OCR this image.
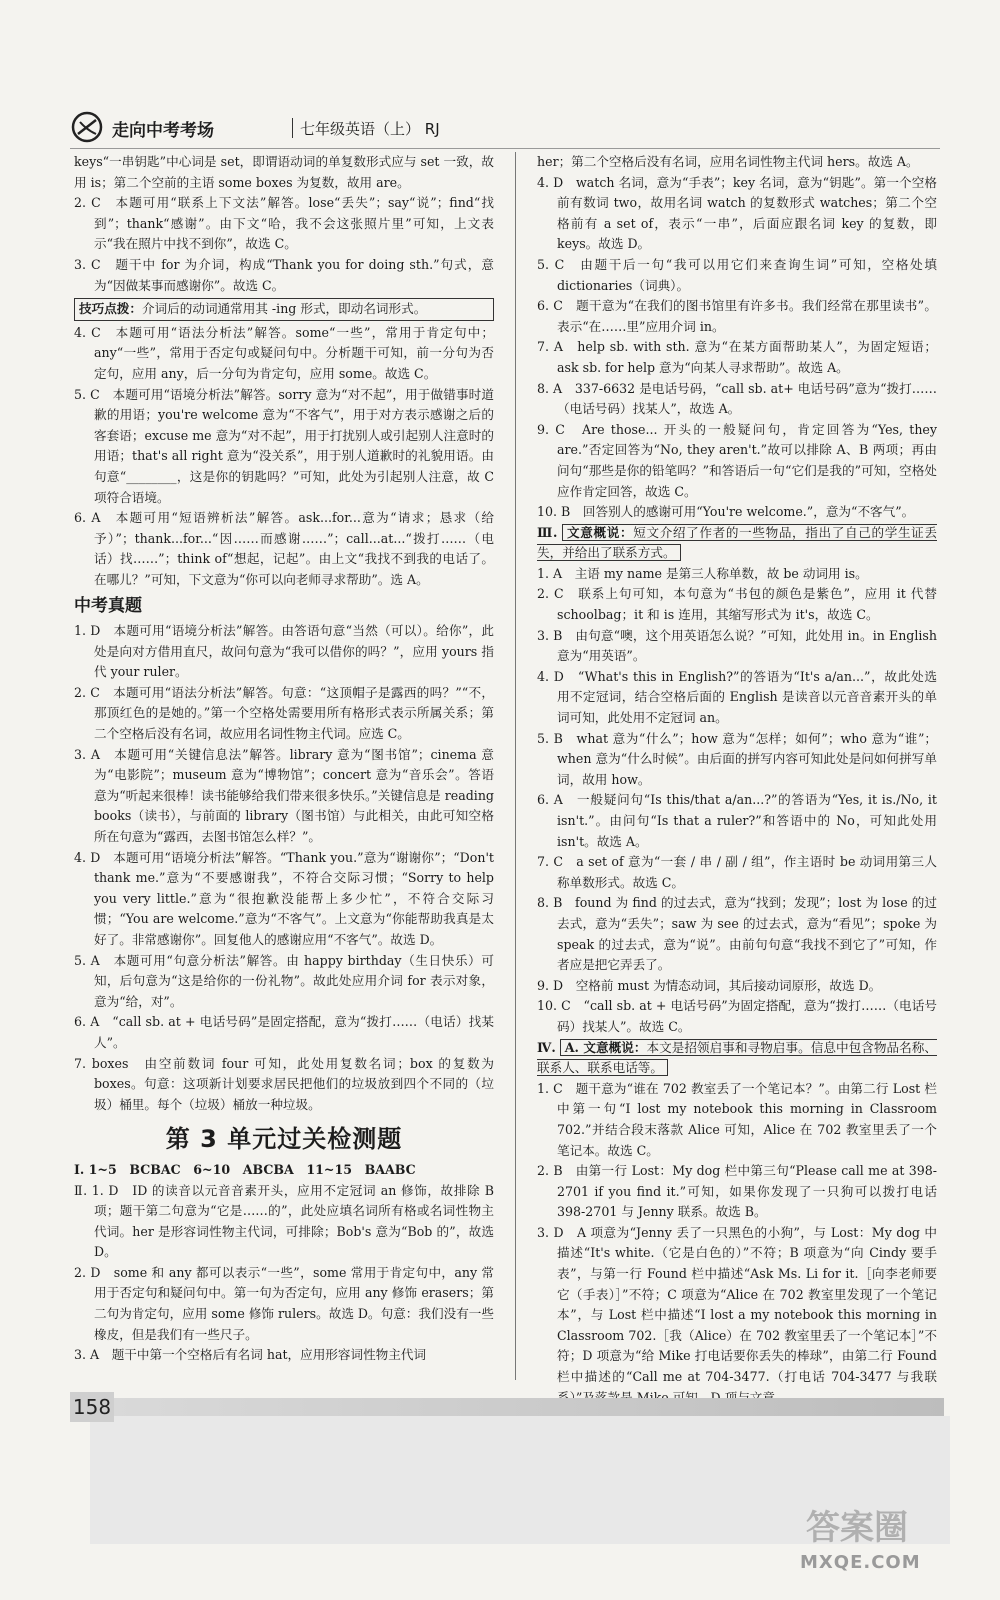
走向中考考场	七年级英语（上） RJ

keys“一串钥匙”中心词是 set，即谓语动词的单复数形式应与 set 一致，故用 is；第二个空前的主语 some boxes 为复数，故用 are。

2. C　本题可用“联系上下文法”解答。lose“丢失”；say“说”；find“找到”；thank“感谢”。由下文“哈，我不会这张照片里”可知，上文表示“我在照片中找不到你”，故选 C。

3. C　题干中 for 为介词，构成“Thank you for doing sth.”句式，意为“因做某事而感谢你”。故选 C。

技巧点拨：介词后的动词通常用其 -ing 形式，即动名词形式。

4. C　本题可用“语法分析法”解答。some“一些”，常用于肯定句中；any“一些”，常用于否定句或疑问句中。分析题干可知，前一分句为否定句，应用 any，后一分句为肯定句，应用 some。故选 C。

5. C　本题可用“语境分析法”解答。sorry 意为“对不起”，用于做错事时道歉的用语；you're welcome 意为“不客气”，用于对方表示感谢之后的客套语；excuse me 意为“对不起”，用于打扰别人或引起别人注意时的用语；that's all right 意为“没关系”，用于别人道歉时的礼貌用语。由句意“________，这是你的钥匙吗？”可知，此处为引起别人注意，故 C 项符合语境。

6. A　本题可用“短语辨析法”解答。ask...for...意为“请求；恳求（给予）”；thank...for...“因……而感谢……”；call...at...“拨打……（电话）找……”；think of“想起，记起”。由上文“我找不到我的电话了。在哪儿？”可知，下文意为“你可以向老师寻求帮助”。选 A。

中考真题

1. D　本题可用“语境分析法”解答。由答语句意“当然（可以）。给你”，此处是向对方借用直尺，故问句意为“我可以借你的吗？”，应用 yours 指代 your ruler。

2. C　本题可用“语法分析法”解答。句意：“这顶帽子是露西的吗？”“不，那顶红色的是她的。”第一个空格处需要用所有格形式表示所属关系；第二个空格后没有名词，故应用名词性物主代词。应选 C。

3. A　本题可用“关键信息法”解答。library 意为“图书馆”；cinema 意为“电影院”；museum 意为“博物馆”；concert 意为“音乐会”。答语意为“听起来很棒！读书能够给我们带来很多快乐。”关键信息是 reading books（读书），与前面的 library（图书馆）与此相关，由此可知空格所在句意为“露西，去图书馆怎么样？”。

4. D　本题可用“语境分析法”解答。“Thank you.”意为“谢谢你”；“Don't thank me.”意为“不要感谢我”，不符合交际习惯；“Sorry to help you very little.”意为“很抱歉没能帮上多少忙”，不符合交际习惯；“You are welcome.”意为“不客气”。上文意为“你能帮助我真是太好了。非常感谢你”。回复他人的感谢应用“不客气”。故选 D。

5. A　本题可用“句意分析法”解答。由 happy birthday（生日快乐）可知，后句意为“这是给你的一份礼物”。故此处应用介词 for 表示对象，意为“给，对”。

6. A　“call sb. at + 电话号码”是固定搭配，意为“拨打……（电话）找某人”。

7. boxes　由空前数词 four 可知，此处用复数名词；box 的复数为 boxes。句意：这项新计划要求居民把他们的垃圾放到四个不同的（垃圾）桶里。每个（垃圾）桶放一种垃圾。

第 3 单元过关检测题

Ⅰ. 1~5　BCBAC　6~10　ABCBA　11~15　BAABC

Ⅱ. 1. D　ID 的读音以元音音素开头，应用不定冠词 an 修饰，故排除 B 项；题干第二句意为“它是……的”，此处应填名词所有格或名词性物主代词。her 是形容词性物主代词，可排除；Bob's 意为“Bob 的”，故选 D。

2. D　some 和 any 都可以表示“一些”，some 常用于肯定句中，any 常用于否定句和疑问句中。第一句为否定句，应用 any 修饰 erasers；第二句为肯定句，应用 some 修饰 rulers。故选 D。句意：我们没有一些橡皮，但是我们有一些尺子。

3. A　题干中第一个空格后有名词 hat，应用形容词性物主代词

her；第二个空格后没有名词，应用名词性物主代词 hers。故选 A。

4. D　watch 名词，意为“手表”；key 名词，意为“钥匙”。第一个空格前有数词 two，故用名词 watch 的复数形式 watches；第二个空格前有 a set of，表示“一串”，后面应跟名词 key 的复数，即 keys。故选 D。

5. C　由题干后一句“我可以用它们来查询生词”可知，空格处填 dictionaries（词典）。

6. C　题干意为“在我们的图书馆里有许多书。我们经常在那里读书”。表示“在……里”应用介词 in。

7. A　help sb. with sth. 意为“在某方面帮助某人”，为固定短语；ask sb. for help 意为“向某人寻求帮助”。故选 A。

8. A　337-6632 是电话号码，“call sb. at+ 电话号码”意为“拨打……（电话号码）找某人”，故选 A。

9. C　Are those... 开头的一般疑问句，肯定回答为“Yes, they are.”否定回答为“No, they aren't.”故可以排除 A、B 两项；再由问句“那些是你的铅笔吗？”和答语后一句“它们是我的”可知，空格处应作肯定回答，故选 C。

10. B　回答别人的感谢可用“You're welcome.”，意为“不客气”。

Ⅲ. 文意概说：短文介绍了作者的一些物品，指出了自己的学生证丢失，并给出了联系方式。

1. A　主语 my name 是第三人称单数，故 be 动词用 is。

2. C　联系上句可知，本句意为“书包的颜色是紫色”，应用 it 代替 schoolbag；it 和 is 连用，其缩写形式为 it's，故选 C。

3. B　由句意“噢，这个用英语怎么说？”可知，此处用 in。in English 意为“用英语”。

4. D　“What's this in English?”的答语为“It's a/an...”，故此处选用不定冠词，结合空格后面的 English 是读音以元音音素开头的单词可知，此处用不定冠词 an。

5. B　what 意为“什么”；how 意为“怎样；如何”；who 意为“谁”；when 意为“什么时候”。由后面的拼写内容可知此处是问如何拼写单词，故用 how。

6. A　一般疑问句“Is this/that a/an...?”的答语为“Yes, it is./No, it isn't.”。由问句“Is that a ruler?”和答语中的 No，可知此处用 isn't。故选 A。

7. C　a set of 意为“一套 / 串 / 副 / 组”，作主语时 be 动词用第三人称单数形式。故选 C。

8. B　found 为 find 的过去式，意为“找到；发现”；lost 为 lose 的过去式，意为“丢失”；saw 为 see 的过去式，意为“看见”；spoke 为 speak 的过去式，意为“说”。由前句句意“我找不到它了”可知，作者应是把它弄丢了。

9. D　空格前 must 为情态动词，其后接动词原形，故选 D。

10. C　“call sb. at + 电话号码”为固定搭配，意为“拨打……（电话号码）找某人”。故选 C。

Ⅳ. A. 文意概说：本文是招领启事和寻物启事。信息中包含物品名称、联系人、联系电话等。

1. C　题干意为“谁在 702 教室丢了一个笔记本？”。由第二行 Lost 栏中第一句“I lost my notebook this morning in Classroom 702.”并结合段末落款 Alice 可知，Alice 在 702 教室里丢了一个笔记本。故选 C。

2. B　由第一行 Lost：My dog 栏中第三句“Please call me at 398-2701 if you find it.”可知，如果你发现了一只狗可以拨打电话 398-2701 与 Jenny 联系。故选 B。

3. D　A 项意为“Jenny 丢了一只黑色的小狗”，与 Lost：My dog 中描述“It's white.（它是白色的）”不符；B 项意为“向 Cindy 要手表”，与第一行 Found 栏中描述“Ask Ms. Li for it.［向李老师要它（手表）］”不符；C 项意为“Alice 在 702 教室里发现了一个笔记本”，与 Lost 栏中描述“I lost a my notebook this morning in Classroom 702.［我（Alice）在 702 教室里丢了一个笔记本］”不符；D 项意为“给 Mike 打电话要你丢失的棒球”，由第二行 Found 栏中描述的“Call me at 704-3477.（打电话 704-3477 与我联

158
答案圈
MXQE.COM
